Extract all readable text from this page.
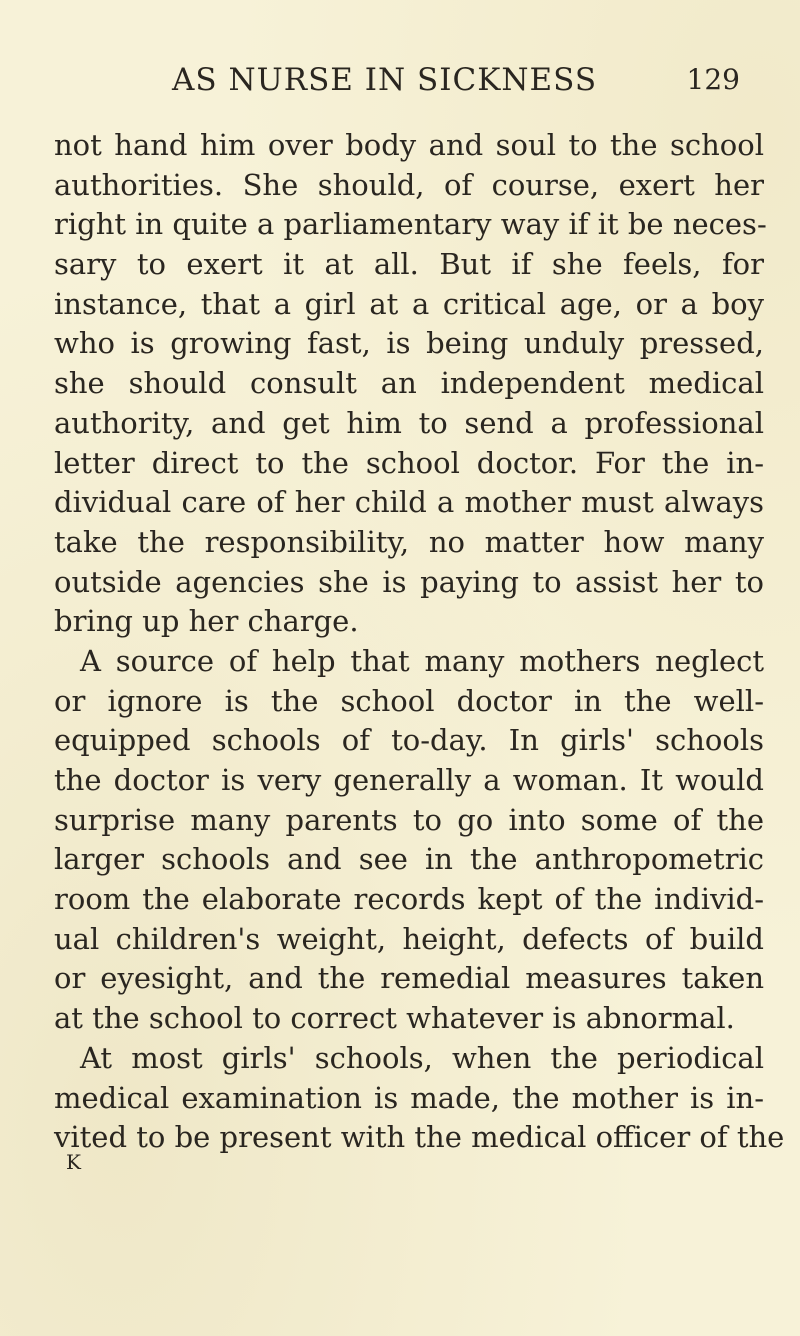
AS NURSE IN SICKNESS	129
not hand him over body and soul to the school
authorities. She should, of course, exert her
right in quite a parliamentary way if it be neces-
sary to exert it at all. But if she feels, for
instance, that a girl at a critical age, or a boy
who is growing fast, is being unduly pressed,
she should consult an independent medical
authority, and get him to send a professional
letter direct to the school doctor. For the in-
dividual care of her child a mother must always
take the responsibility, no matter how many
outside agencies she is paying to assist her to
bring up her charge.
A source of help that many mothers neglect
or ignore is the school doctor in the well-
equipped schools of to-day. In girls' schools
the doctor is very generally a woman. It would
surprise many parents to go into some of the
larger schools and see in the anthropometric
room the elaborate records kept of the individ-
ual children's weight, height, defects of build
or eyesight, and the remedial measures taken
at the school to correct whatever is abnormal.
At most girls' schools, when the periodical
medical examination is made, the mother is in-
vited to be present with the medical officer of the
K
